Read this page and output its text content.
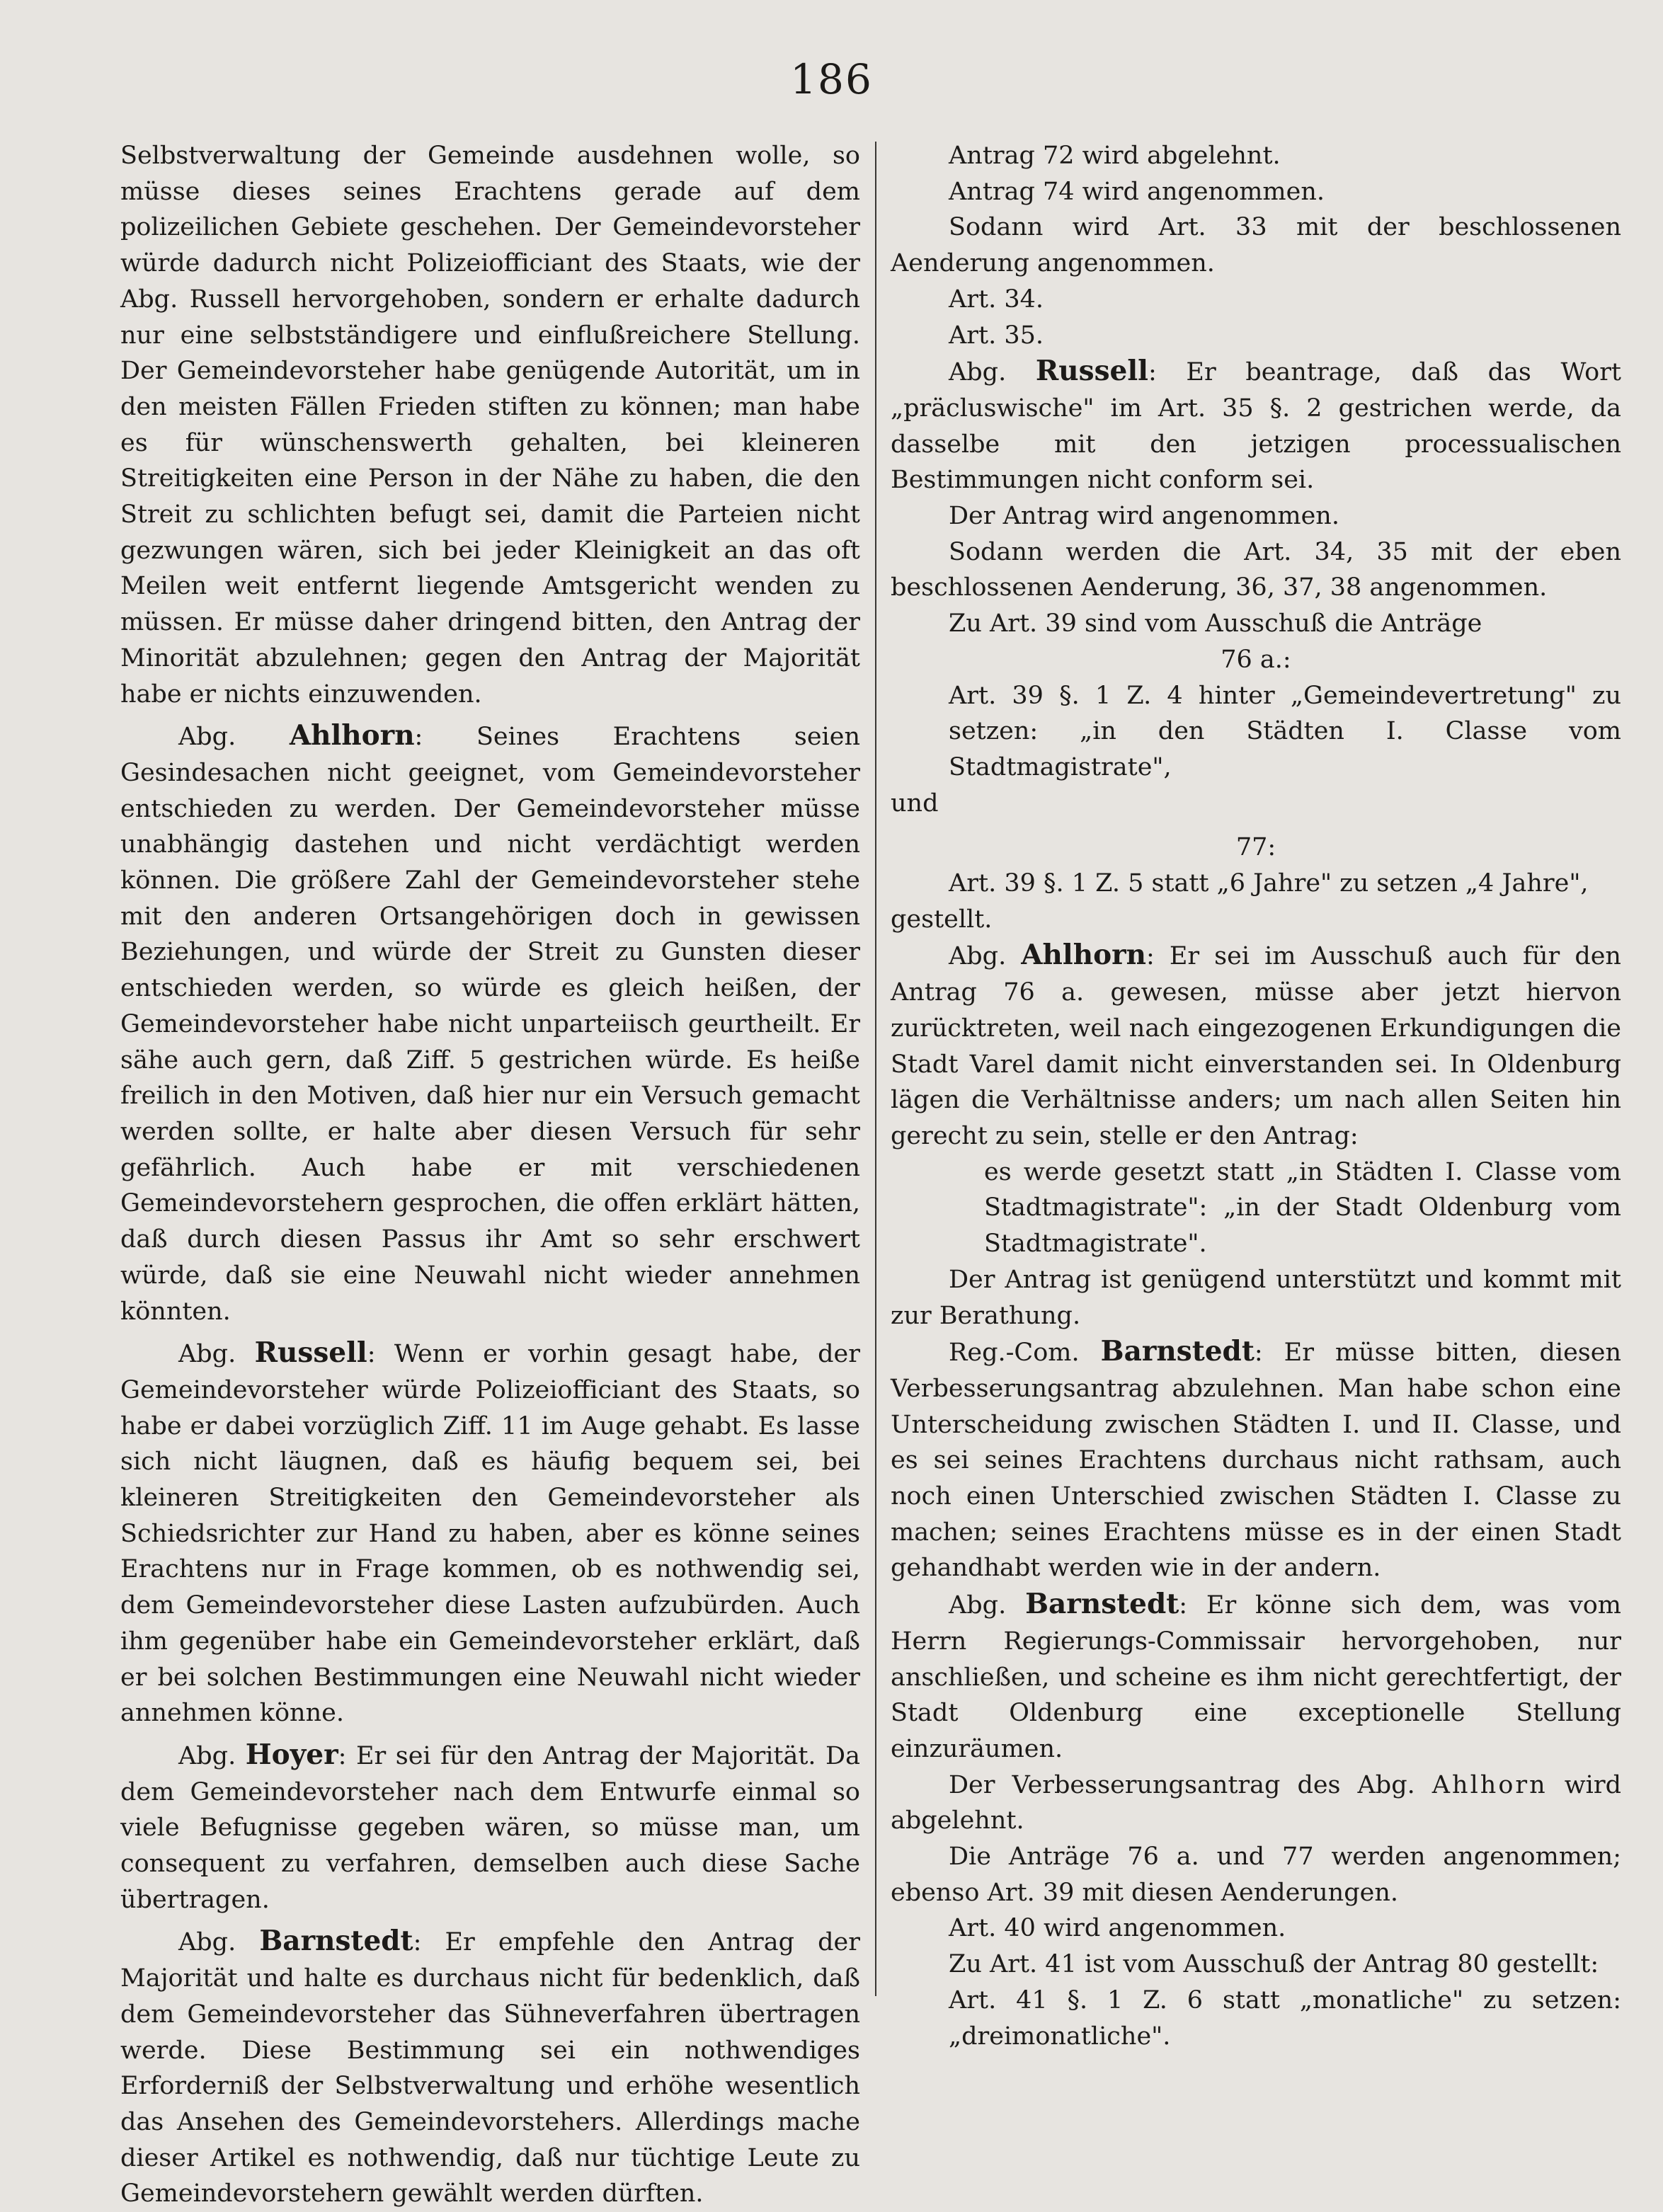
186

Selbstverwaltung der Gemeinde ausdehnen wolle, so müsse dieses seines Erachtens gerade auf dem polizeilichen Gebiete geschehen. Der Gemeindevorsteher würde dadurch nicht Polizeiofficiant des Staats, wie der Abg. Russell hervorgehoben, sondern er erhalte dadurch nur eine selbstständigere und einflußreichere Stellung. Der Gemeindevorsteher habe genügende Autorität, um in den meisten Fällen Frieden stiften zu können; man habe es für wünschenswerth gehalten, bei kleineren Streitigkeiten eine Person in der Nähe zu haben, die den Streit zu schlichten befugt sei, damit die Parteien nicht gezwungen wären, sich bei jeder Kleinigkeit an das oft Meilen weit entfernt liegende Amtsgericht wenden zu müssen. Er müsse daher dringend bitten, den Antrag der Minorität abzulehnen; gegen den Antrag der Majorität habe er nichts einzuwenden.

Abg. Ahlhorn: Seines Erachtens seien Gesindesachen nicht geeignet, vom Gemeindevorsteher entschieden zu werden. Der Gemeindevorsteher müsse unabhängig dastehen und nicht verdächtigt werden können. Die größere Zahl der Gemeindevorsteher stehe mit den anderen Ortsangehörigen doch in gewissen Beziehungen, und würde der Streit zu Gunsten dieser entschieden werden, so würde es gleich heißen, der Gemeindevorsteher habe nicht unparteiisch geurtheilt. Er sähe auch gern, daß Ziff. 5 gestrichen würde. Es heiße freilich in den Motiven, daß hier nur ein Versuch gemacht werden sollte, er halte aber diesen Versuch für sehr gefährlich. Auch habe er mit verschiedenen Gemeindevorstehern gesprochen, die offen erklärt hätten, daß durch diesen Passus ihr Amt so sehr erschwert würde, daß sie eine Neuwahl nicht wieder annehmen könnten.

Abg. Russell: Wenn er vorhin gesagt habe, der Gemeindevorsteher würde Polizeiofficiant des Staats, so habe er dabei vorzüglich Ziff. 11 im Auge gehabt. Es lasse sich nicht läugnen, daß es häufig bequem sei, bei kleineren Streitigkeiten den Gemeindevorsteher als Schiedsrichter zur Hand zu haben, aber es könne seines Erachtens nur in Frage kommen, ob es nothwendig sei, dem Gemeindevorsteher diese Lasten aufzubürden. Auch ihm gegenüber habe ein Gemeindevorsteher erklärt, daß er bei solchen Bestimmungen eine Neuwahl nicht wieder annehmen könne.

Abg. Hoyer: Er sei für den Antrag der Majorität. Da dem Gemeindevorsteher nach dem Entwurfe einmal so viele Befugnisse gegeben wären, so müsse man, um consequent zu verfahren, demselben auch diese Sache übertragen.

Abg. Barnstedt: Er empfehle den Antrag der Majorität und halte es durchaus nicht für bedenklich, daß dem Gemeindevorsteher das Sühneverfahren übertragen werde. Diese Bestimmung sei ein nothwendiges Erforderniß der Selbstverwaltung und erhöhe wesentlich das Ansehen des Gemeindevorstehers. Allerdings mache dieser Artikel es nothwendig, daß nur tüchtige Leute zu Gemeindevorstehern gewählt werden dürften.

Antrag 72 wird abgelehnt.

Antrag 74 wird angenommen.

Sodann wird Art. 33 mit der beschlossenen Aenderung angenommen.

Art. 34.

Art. 35.

Abg. Russell: Er beantrage, daß das Wort „präcluswische" im Art. 35 §. 2 gestrichen werde, da dasselbe mit den jetzigen processualischen Bestimmungen nicht conform sei.

Der Antrag wird angenommen.

Sodann werden die Art. 34, 35 mit der eben beschlossenen Aenderung, 36, 37, 38 angenommen.

Zu Art. 39 sind vom Ausschuß die Anträge

76 a.:

Art. 39 §. 1 Z. 4 hinter „Gemeindevertretung" zu setzen: „in den Städten I. Classe vom Stadtmagistrate",

und

77:

Art. 39 §. 1 Z. 5 statt „6 Jahre" zu setzen „4 Jahre",

gestellt.

Abg. Ahlhorn: Er sei im Ausschuß auch für den Antrag 76 a. gewesen, müsse aber jetzt hiervon zurücktreten, weil nach eingezogenen Erkundigungen die Stadt Varel damit nicht einverstanden sei. In Oldenburg lägen die Verhältnisse anders; um nach allen Seiten hin gerecht zu sein, stelle er den Antrag:

es werde gesetzt statt „in Städten I. Classe vom Stadtmagistrate": „in der Stadt Oldenburg vom Stadtmagistrate".

Der Antrag ist genügend unterstützt und kommt mit zur Berathung.

Reg.-Com. Barnstedt: Er müsse bitten, diesen Verbesserungsantrag abzulehnen. Man habe schon eine Unterscheidung zwischen Städten I. und II. Classe, und es sei seines Erachtens durchaus nicht rathsam, auch noch einen Unterschied zwischen Städten I. Classe zu machen; seines Erachtens müsse es in der einen Stadt gehandhabt werden wie in der andern.

Abg. Barnstedt: Er könne sich dem, was vom Herrn Regierungs-Commissair hervorgehoben, nur anschließen, und scheine es ihm nicht gerechtfertigt, der Stadt Oldenburg eine exceptionelle Stellung einzuräumen.

Der Verbesserungsantrag des Abg. Ahlhorn wird abgelehnt.

Die Anträge 76 a. und 77 werden angenommen; ebenso Art. 39 mit diesen Aenderungen.

Art. 40 wird angenommen.

Zu Art. 41 ist vom Ausschuß der Antrag 80 gestellt:

Art. 41 §. 1 Z. 6 statt „monatliche" zu setzen: „dreimonatliche".
